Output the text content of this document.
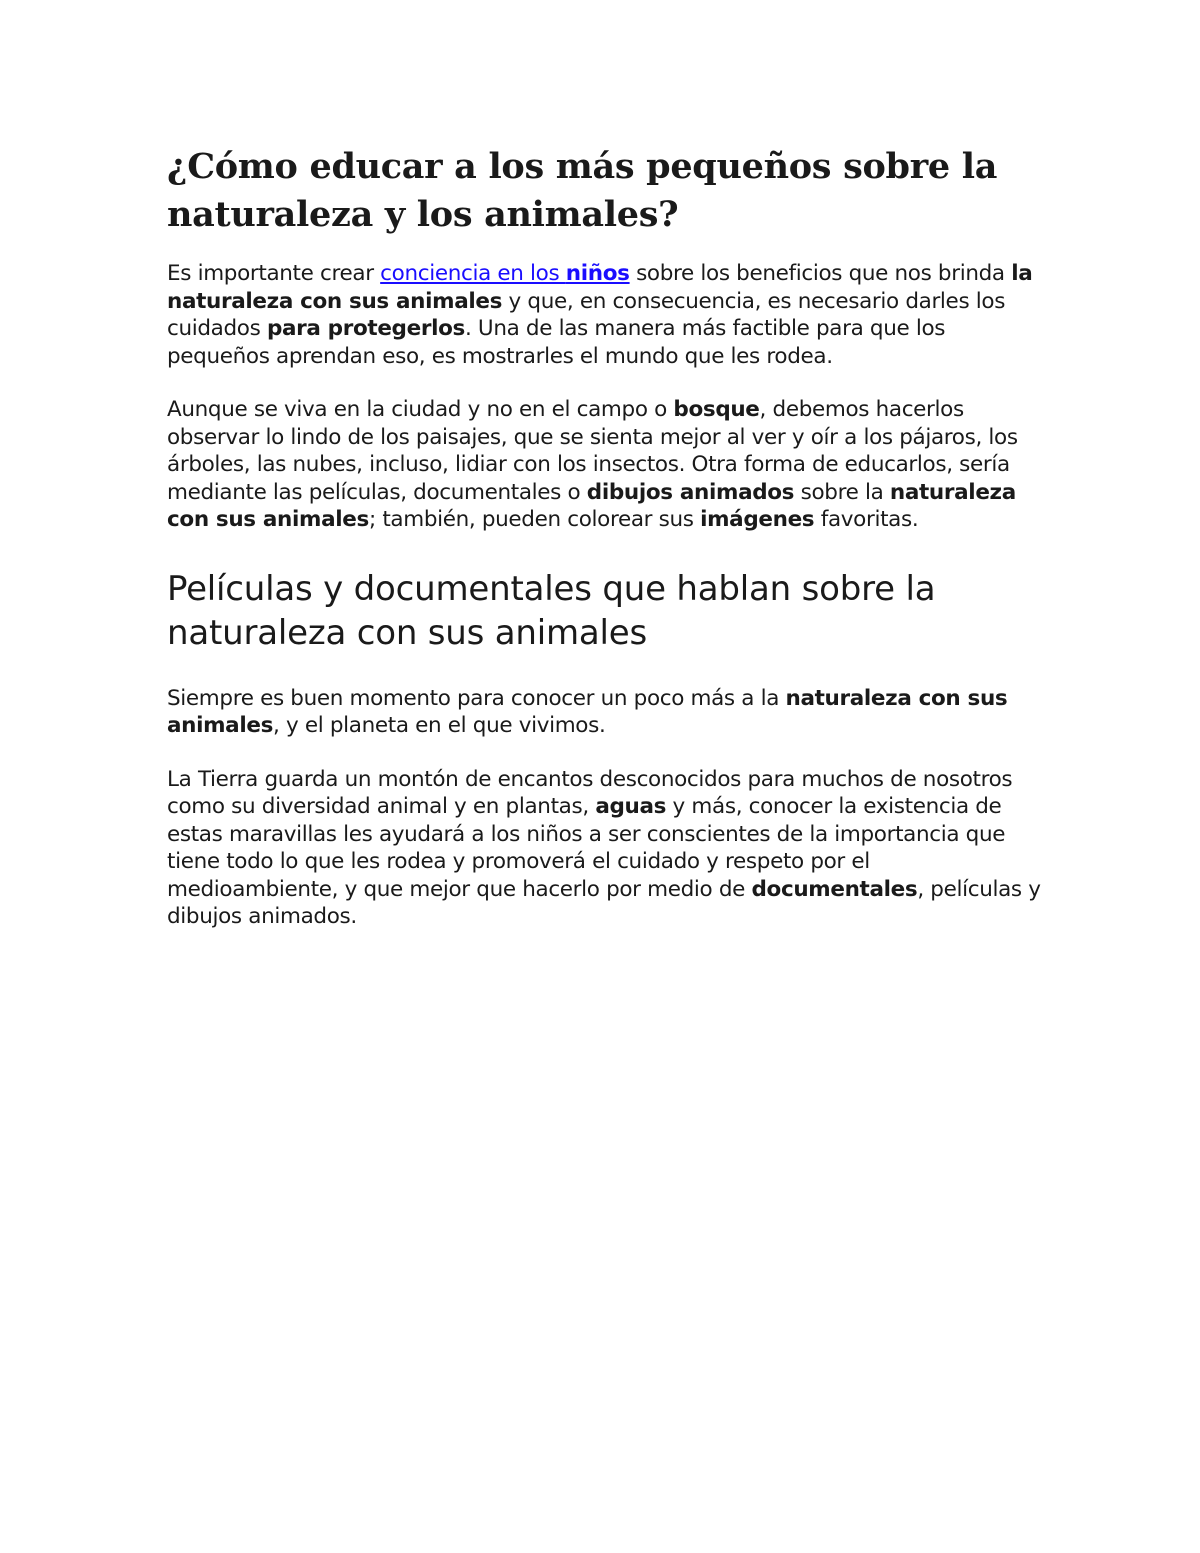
¿Cómo educar a los más pequeños sobre la naturaleza y los animales?

Es importante crear conciencia en los niños sobre los beneficios que nos brinda la naturaleza con sus animales y que, en consecuencia, es necesario darles los cuidados para protegerlos. Una de las manera más factible para que los pequeños aprendan eso, es mostrarles el mundo que les rodea.

Aunque se viva en la ciudad y no en el campo o bosque, debemos hacerlos observar lo lindo de los paisajes, que se sienta mejor al ver y oír a los pájaros, los árboles, las nubes, incluso, lidiar con los insectos. Otra forma de educarlos, sería mediante las películas, documentales o dibujos animados sobre la naturaleza con sus animales; también, pueden colorear sus imágenes favoritas.

Películas y documentales que hablan sobre la naturaleza con sus animales

Siempre es buen momento para conocer un poco más a la naturaleza con sus animales, y el planeta en el que vivimos.

La Tierra guarda un montón de encantos desconocidos para muchos de nosotros como su diversidad animal y en plantas, aguas y más, conocer la existencia de estas maravillas les ayudará a los niños a ser conscientes de la importancia que tiene todo lo que les rodea y promoverá el cuidado y respeto por el medioambiente, y que mejor que hacerlo por medio de documentales, películas y dibujos animados.
